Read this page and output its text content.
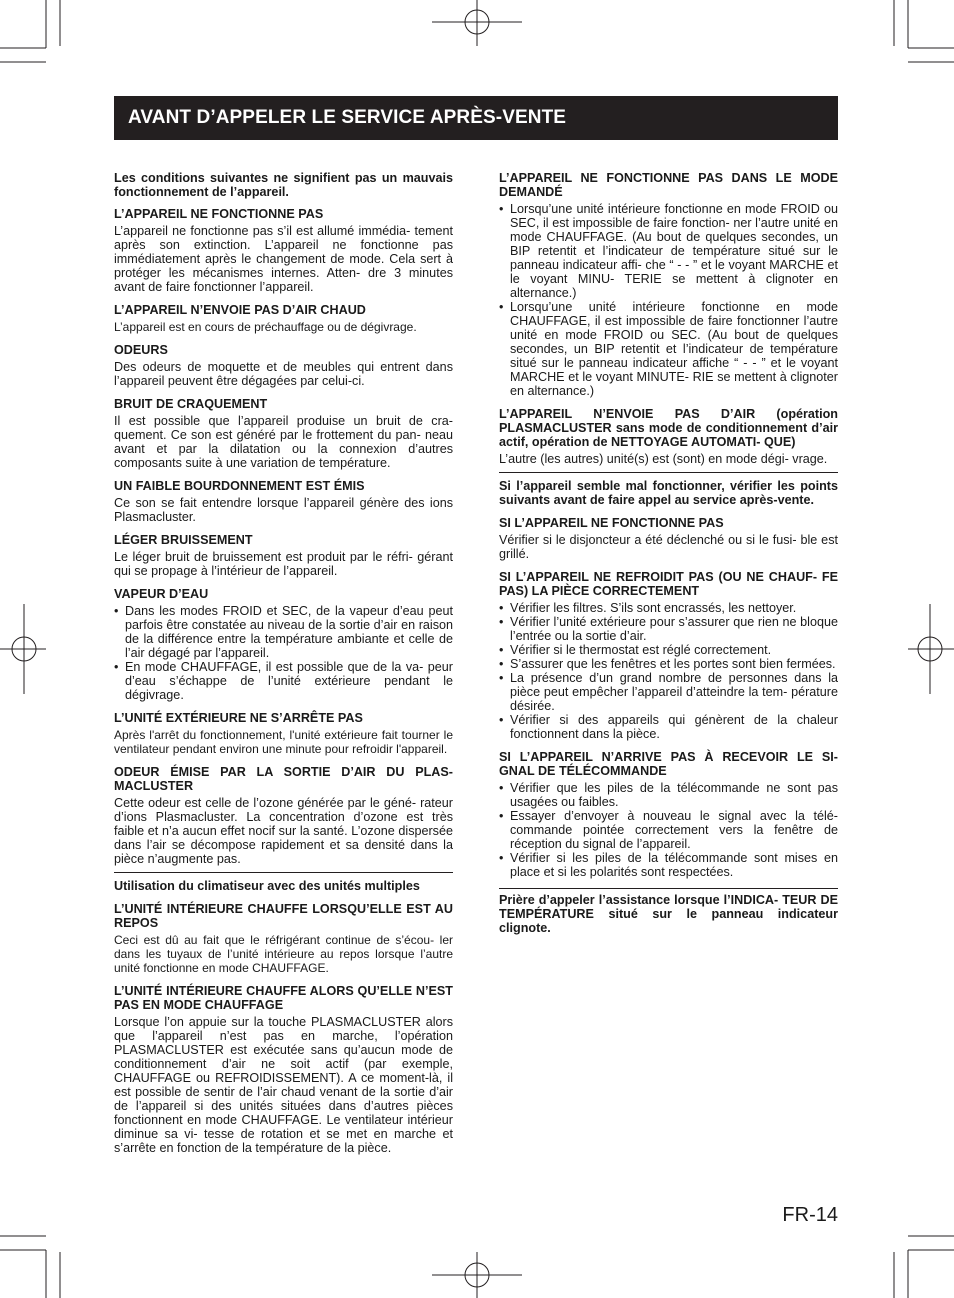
AVANT D’APPELER LE SERVICE APRÈS-VENTE

Les conditions suivantes ne signifient pas un mauvais fonctionnement de l’appareil.

L’APPAREIL NE FONCTIONNE PAS

L’appareil ne fonctionne pas s’il est allumé immédia- tement après son extinction. L’appareil ne fonctionne pas immédiatement après le changement de mode. Cela sert à protéger les mécanismes internes. Atten- dre 3 minutes avant de faire fonctionner l’appareil.

L’APPAREIL N’ENVOIE PAS D’AIR CHAUD

L’appareil est en cours de préchauffage ou de dégivrage.

ODEURS

Des odeurs de moquette et de meubles qui entrent dans l’appareil peuvent être dégagées par celui-ci.

BRUIT DE CRAQUEMENT

Il est possible que l’appareil produise un bruit de cra- quement. Ce son est généré par le frottement du pan- neau avant et par la dilatation ou la connexion d’autres composants suite à une variation de température.

UN FAIBLE BOURDONNEMENT EST ÉMIS

Ce son se fait entendre lorsque l’appareil génère des ions Plasmacluster.

LÉGER BRUISSEMENT

Le léger bruit de bruissement est produit par le réfri- gérant qui se propage à l’intérieur de l’appareil.

VAPEUR D’EAU

• Dans les modes FROID et SEC, de la vapeur d’eau peut parfois être constatée au niveau de la sortie d’air en raison de la différence entre la température ambiante et celle de l’air dégagé par l’appareil.
• En mode CHAUFFAGE, il est possible que de la va- peur d’eau s’échappe de l’unité extérieure pendant le dégivrage.

L’UNITÉ EXTÉRIEURE NE S’ARRÊTE PAS

Après l'arrêt du fonctionnement, l'unité extérieure fait tourner le ventilateur pendant environ une minute pour refroidir l'appareil.

ODEUR ÉMISE PAR LA SORTIE D’AIR DU PLAS- MACLUSTER

Cette odeur est celle de l’ozone générée par le géné- rateur d’ions Plasmacluster. La concentration d’ozone est très faible et n’a aucun effet nocif sur la santé. L’ozone dispersée dans l’air se décompose rapidement et sa densité dans la pièce n’augmente pas.

Utilisation du climatiseur avec des unités multiples

L’UNITÉ INTÉRIEURE CHAUFFE LORSQU’ELLE EST AU REPOS

Ceci est dû au fait que le réfrigérant continue de s’écou- ler dans les tuyaux de l’unité intérieure au repos lorsque l’autre unité fonctionne en mode CHAUFFAGE.

L’UNITÉ INTÉRIEURE CHAUFFE ALORS QU’ELLE N’EST PAS EN MODE CHAUFFAGE

Lorsque l’on appuie sur la touche PLASMACLUSTER alors que l’appareil n’est pas en marche, l’opération PLASMACLUSTER est exécutée sans qu’aucun mode de conditionnement d’air ne soit actif (par exemple, CHAUFFAGE ou REFROIDISSEMENT). A ce moment-là, il est possible de sentir de l’air chaud venant de la sortie d’air de l’appareil si des unités situées dans d’autres pièces fonctionnent en mode CHAUFFAGE. Le ventilateur intérieur diminue sa vi- tesse de rotation et se met en marche et s’arrête en fonction de la température de la pièce.

L’APPAREIL NE FONCTIONNE PAS DANS LE MODE DEMANDÉ

• Lorsqu’une unité intérieure fonctionne en mode FROID ou SEC, il est impossible de faire fonction- ner l’autre unité en mode CHAUFFAGE. (Au bout de quelques secondes, un BIP retentit et l’indicateur de température situé sur le panneau indicateur affi- che “ - - ” et le voyant MARCHE et le voyant MINU- TERIE se mettent à clignoter en alternance.)
• Lorsqu’une unité intérieure fonctionne en mode CHAUFFAGE, il est impossible de faire fonctionner l’autre unité en mode FROID ou SEC. (Au bout de quelques secondes, un BIP retentit et l’indicateur de température situé sur le panneau indicateur affiche “ - - ” et le voyant MARCHE et le voyant MINUTE- RIE se mettent à clignoter en alternance.)

L’APPAREIL N’ENVOIE PAS D’AIR (opération PLASMACLUSTER sans mode de conditionnement d’air actif, opération de NETTOYAGE AUTOMATI- QUE)

L’autre (les autres) unité(s) est (sont) en mode dégi- vrage.

Si l’appareil semble mal fonctionner, vérifier les points suivants avant de faire appel au service après-vente.

SI L’APPAREIL NE FONCTIONNE PAS

Vérifier si le disjoncteur a été déclenché ou si le fusi- ble est grillé.

SI L’APPAREIL NE REFROIDIT PAS (OU NE CHAUF- FE PAS) LA PIÈCE CORRECTEMENT

• Vérifier les filtres. S’ils sont encrassés, les nettoyer.
• Vérifier l’unité extérieure pour s’assurer que rien ne bloque l’entrée ou la sortie d’air.
• Vérifier si le thermostat est réglé correctement.
• S’assurer que les fenêtres et les portes sont bien fermées.
• La présence d’un grand nombre de personnes dans la pièce peut empêcher l’appareil d’atteindre la tem- pérature désirée.
• Vérifier si des appareils qui génèrent de la chaleur fonctionnent dans la pièce.

SI L’APPAREIL N’ARRIVE PAS À RECEVOIR LE SI- GNAL DE TÉLÉCOMMANDE

• Vérifier que les piles de la télécommande ne sont pas usagées ou faibles.
• Essayer d’envoyer à nouveau le signal avec la télé- commande pointée correctement vers la fenêtre de réception du signal de l’appareil.
• Vérifier si les piles de la télécommande sont mises en place et si les polarités sont respectées.

Prière d’appeler l’assistance lorsque l’INDICA- TEUR DE TEMPÉRATURE situé sur le panneau indicateur clignote.

FR-14
